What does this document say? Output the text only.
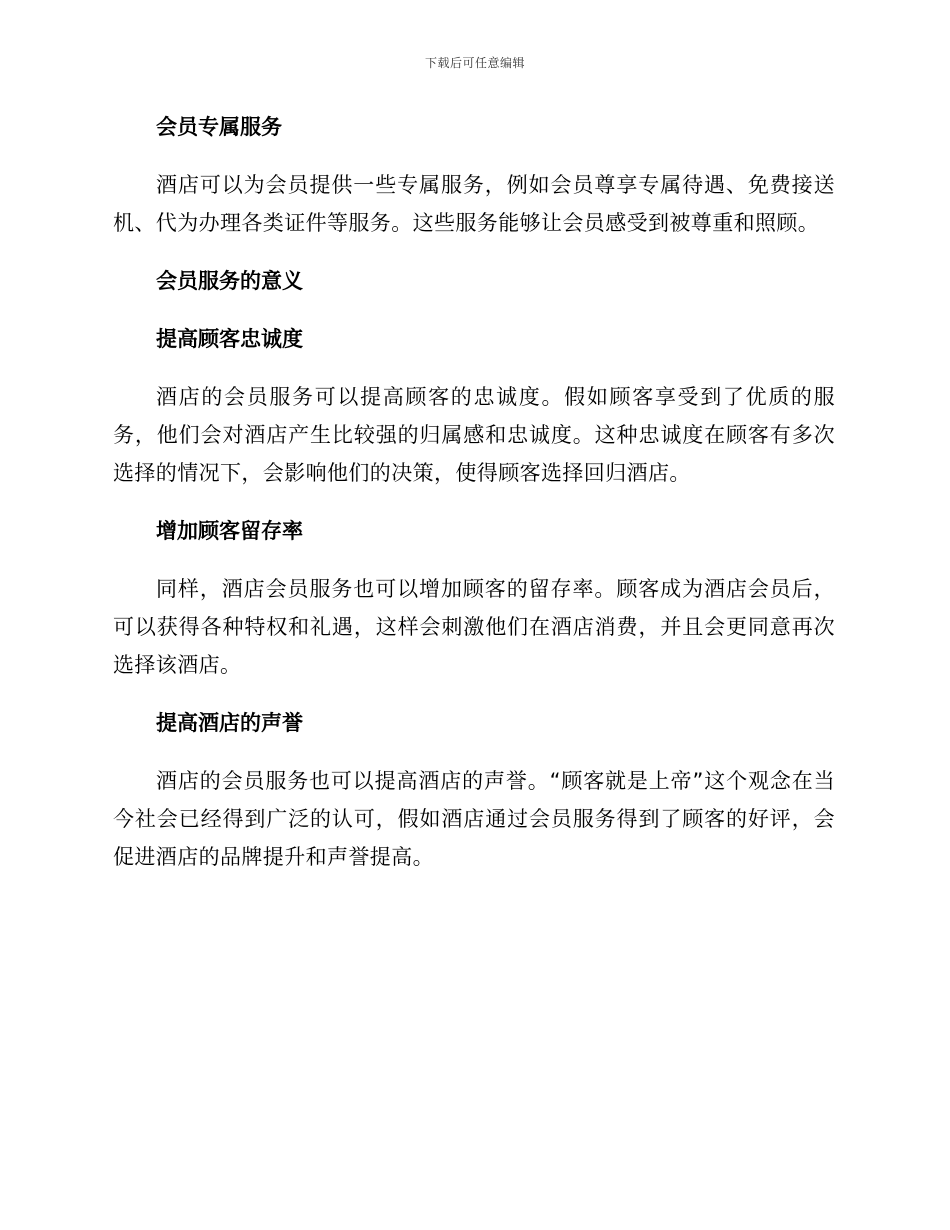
下载后可任意编辑
会员专属服务
酒店可以为会员提供一些专属服务，例如会员尊享专属待遇、免费接送机、代为办理各类证件等服务。这些服务能够让会员感受到被尊重和照顾。
会员服务的意义
提高顾客忠诚度
酒店的会员服务可以提高顾客的忠诚度。假如顾客享受到了优质的服务，他们会对酒店产生比较强的归属感和忠诚度。这种忠诚度在顾客有多次选择的情况下，会影响他们的决策，使得顾客选择回归酒店。
增加顾客留存率
同样，酒店会员服务也可以增加顾客的留存率。顾客成为酒店会员后，可以获得各种特权和礼遇，这样会刺激他们在酒店消费，并且会更同意再次选择该酒店。
提高酒店的声誉
酒店的会员服务也可以提高酒店的声誉。“顾客就是上帝”这个观念在当今社会已经得到广泛的认可，假如酒店通过会员服务得到了顾客的好评，会促进酒店的品牌提升和声誉提高。
